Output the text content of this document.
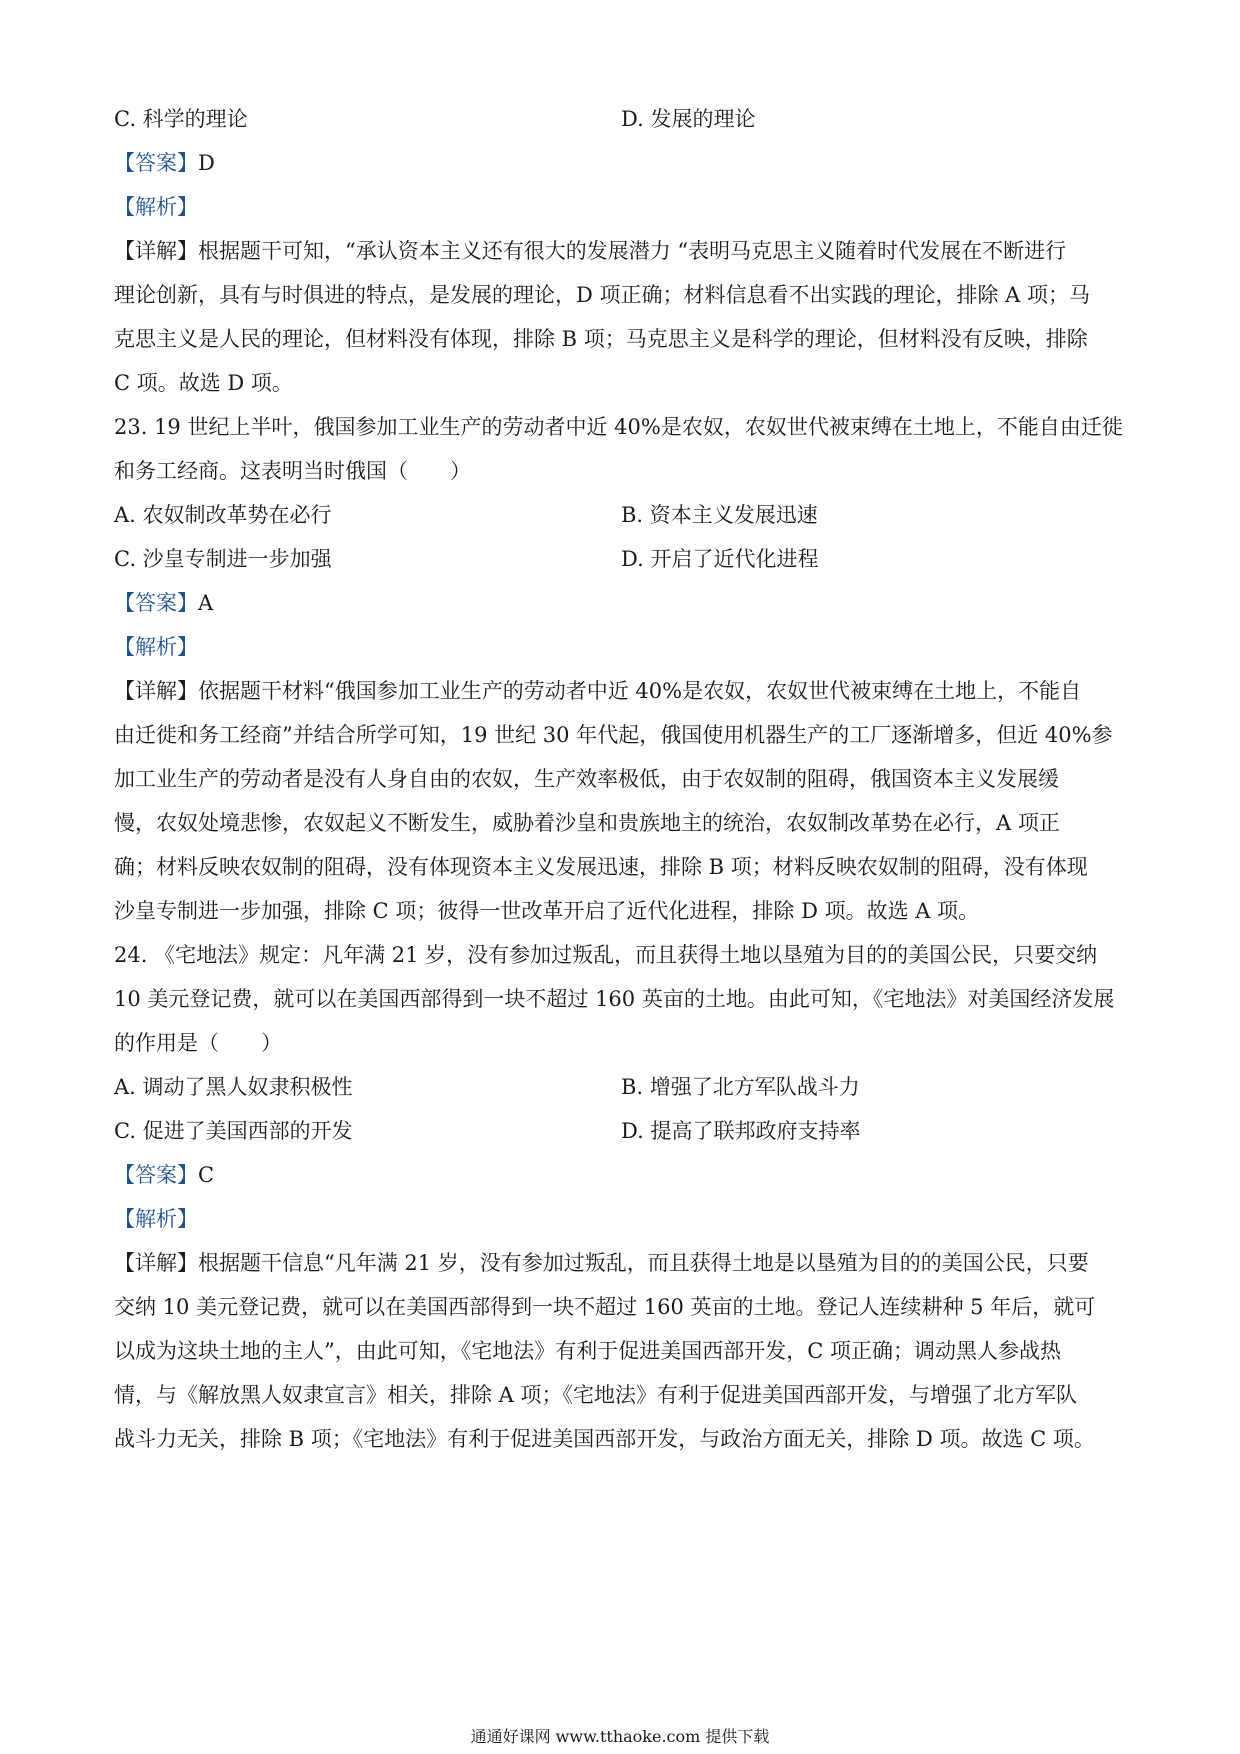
C. 科学的理论	D. 发展的理论
【答案】D
【解析】
【详解】根据题干可知，“承认资本主义还有很大的发展潜力 “表明马克思主义随着时代发展在不断进行
理论创新，具有与时俱进的特点，是发展的理论，D 项正确；材料信息看不出实践的理论，排除 A 项；马
克思主义是人民的理论，但材料没有体现，排除 B 项；马克思主义是科学的理论，但材料没有反映，排除
C 项。故选 D 项。
23. 19 世纪上半叶，俄国参加工业生产的劳动者中近 40%是农奴，农奴世代被束缚在土地上，不能自由迁徙
和务工经商。这表明当时俄国（　　）
A. 农奴制改革势在必行	B. 资本主义发展迅速
C. 沙皇专制进一步加强	D. 开启了近代化进程
【答案】A
【解析】
【详解】依据题干材料“俄国参加工业生产的劳动者中近 40%是农奴，农奴世代被束缚在土地上，不能自
由迁徙和务工经商”并结合所学可知，19 世纪 30 年代起，俄国使用机器生产的工厂逐渐增多，但近 40%参
加工业生产的劳动者是没有人身自由的农奴，生产效率极低，由于农奴制的阻碍，俄国资本主义发展缓
慢，农奴处境悲惨，农奴起义不断发生，威胁着沙皇和贵族地主的统治，农奴制改革势在必行，A 项正
确；材料反映农奴制的阻碍，没有体现资本主义发展迅速，排除 B 项；材料反映农奴制的阻碍，没有体现
沙皇专制进一步加强，排除 C 项；彼得一世改革开启了近代化进程，排除 D 项。故选 A 项。
24. 《宅地法》规定：凡年满 21 岁，没有参加过叛乱，而且获得土地以垦殖为目的的美国公民，只要交纳
10 美元登记费，就可以在美国西部得到一块不超过 160 英亩的土地。由此可知，《宅地法》对美国经济发展
的作用是（　　）
A. 调动了黑人奴隶积极性	B. 增强了北方军队战斗力
C. 促进了美国西部的开发	D. 提高了联邦政府支持率
【答案】C
【解析】
【详解】根据题干信息“凡年满 21 岁，没有参加过叛乱，而且获得土地是以垦殖为目的的美国公民，只要
交纳 10 美元登记费，就可以在美国西部得到一块不超过 160 英亩的土地。登记人连续耕种 5 年后，就可
以成为这块土地的主人”，由此可知，《宅地法》有利于促进美国西部开发，C 项正确；调动黑人参战热
情，与《解放黑人奴隶宣言》相关，排除 A 项；《宅地法》有利于促进美国西部开发，与增强了北方军队
战斗力无关，排除 B 项；《宅地法》有利于促进美国西部开发，与政治方面无关，排除 D 项。故选 C 项。
通通好课网 www.tthaoke.com 提供下载
